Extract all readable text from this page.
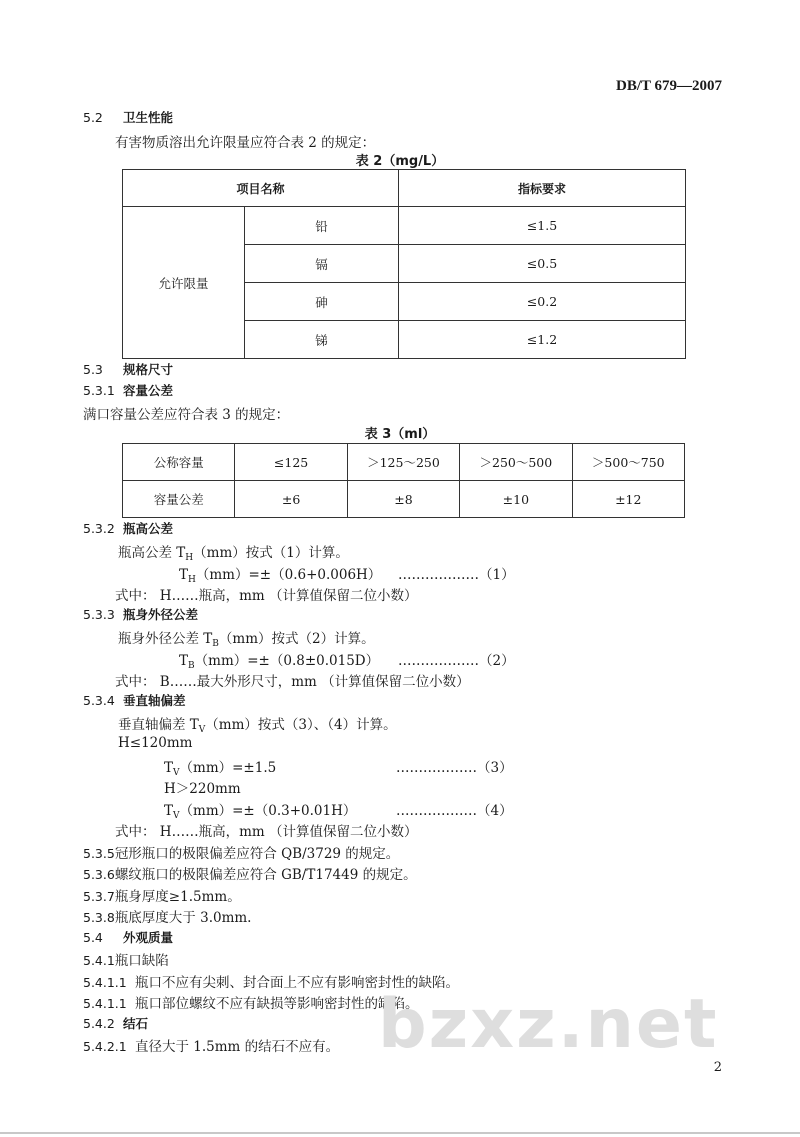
DB/T 679—2007
5.2 卫生性能
有害物质溶出允许限量应符合表 2 的规定：
表 2（mg/L）
项目名称		指标要求
允许限量	铅	≤1.5
	镉	≤0.5
	砷	≤0.2
	锑	≤1.2
5.3 规格尺寸
5.3.1 容量公差
满口容量公差应符合表 3 的规定：
表 3（ml）
公称容量	≤125	＞125～250	＞250～500	＞500～750
容量公差	±6	±8	±10	±12
5.3.2 瓶高公差
瓶高公差 $T_H(mm)$按式（1）计算。
$T_H(mm)=\pm(0.6+0.006H)$ ………………（1）
式中： H……瓶高，mm （计算值保留二位小数）
5.3.3 瓶身外径公差
瓶身外径公差 $T_B(mm)$按式（2）计算。
$T_B(mm)=\pm(0.8\pm 0.015D)$ ………………（2）
式中： B……最大外形尺寸，mm （计算值保留二位小数）
5.3.4 垂直轴偏差
垂直轴偏差 $T_V(mm)$按式（3）、（4）计算。
H≤120mm
$T_V(mm)=\pm 1.5$	………………（3）
H＞220mm
$T_V(mm)=\pm(0.3+0.01H)$	………………（4）
式中： H……瓶高，mm （计算值保留二位小数）
5.3.5冠形瓶口的极限偏差应符合 QB/3729 的规定。
5.3.6螺纹瓶口的极限偏差应符合 GB/T17449 的规定。
5.3.7瓶身厚度≥1.5mm。
5.3.8瓶底厚度大于 3.0mm.
5.4 外观质量
5.4.1瓶口缺陷
5.4.1.1 瓶口不应有尖刺、封合面上不应有影响密封性的缺陷。
5.4.1.1 瓶口部位螺纹不应有缺损等影响密封性的缺陷。
5.4.2 结石
5.4.2.1 直径大于 1.5mm 的结石不应有。 bzxz.net
2
